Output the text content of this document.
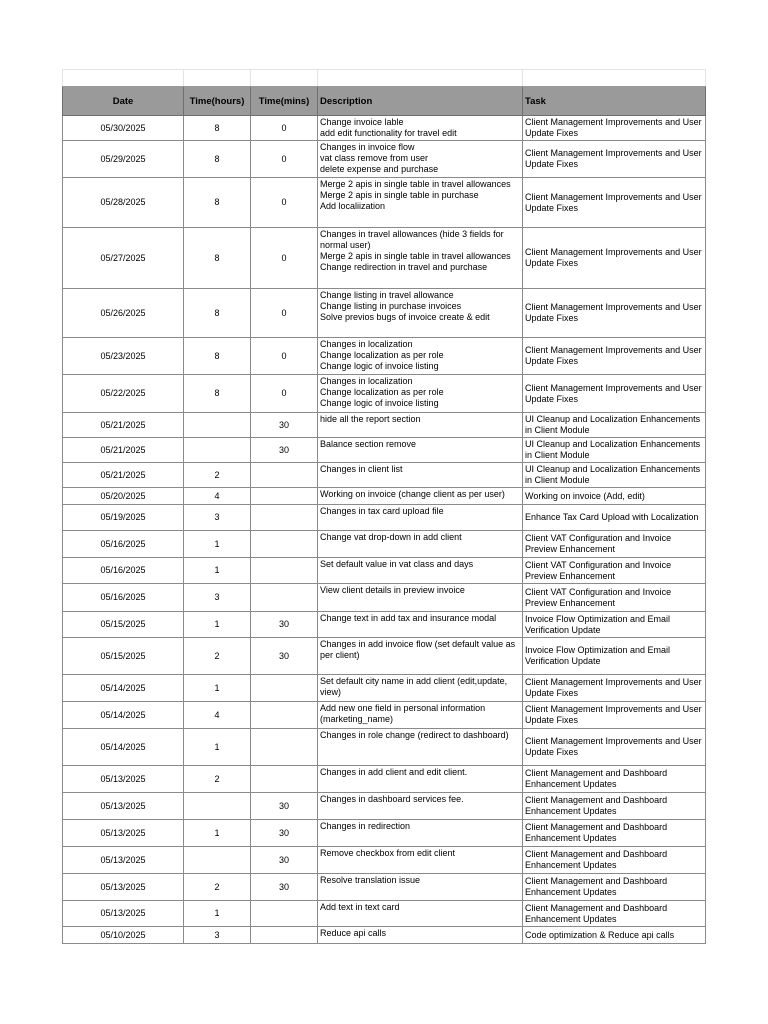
Date	Time(hours)	Time(mins)	Description	Task
05/30/2025	8	0	Change invoice lable
add edit functionality for travel edit	Client Management Improvements and User Update Fixes
05/29/2025	8	0	Changes in invoice flow
vat class remove from user
delete expense and purchase	Client Management Improvements and User Update Fixes
05/28/2025	8	0	Merge 2 apis in single table in travel allowances
Merge 2 apis in single table in purchase
Add localiization	Client Management Improvements and User Update Fixes
05/27/2025	8	0	Changes in travel allowances (hide 3 fields for normal user)
Merge 2 apis in single table in travel allowances
Change redirection in travel and purchase	Client Management Improvements and User Update Fixes
05/26/2025	8	0	Change listing in travel allowance
Change listing in purchase invoices
Solve previos bugs of invoice create & edit	Client Management Improvements and User Update Fixes
05/23/2025	8	0	Changes in localization
Change localization as per role
Change logic of invoice listing	Client Management Improvements and User Update Fixes
05/22/2025	8	0	Changes in localization
Change localization as per role
Change logic of invoice listing	Client Management Improvements and User Update Fixes
05/21/2025		30	hide all the report section	UI Cleanup and Localization Enhancements in Client Module
05/21/2025		30	Balance section remove	UI Cleanup and Localization Enhancements in Client Module
05/21/2025	2		Changes in client list	UI Cleanup and Localization Enhancements in Client Module
05/20/2025	4		Working on invoice (change client as per user)	Working on invoice (Add, edit)
05/19/2025	3		Changes in tax card upload file	Enhance Tax Card Upload with Localization
05/16/2025	1		Change vat drop-down in add client	Client VAT Configuration and Invoice Preview Enhancement
05/16/2025	1		Set default value in vat class and days	Client VAT Configuration and Invoice Preview Enhancement
05/16/2025	3		View client details in preview invoice	Client VAT Configuration and Invoice Preview Enhancement
05/15/2025	1	30	Change text in add tax and insurance modal	Invoice Flow Optimization and Email Verification Update
05/15/2025	2	30	Changes in add invoice flow (set default value as per client)	Invoice Flow Optimization and Email Verification Update
05/14/2025	1		Set default city name in add client (edit,update, view)	Client Management Improvements and User Update Fixes
05/14/2025	4		Add new one field in personal information (marketing_name)	Client Management Improvements and User Update Fixes
05/14/2025	1		Changes in role change (redirect to dashboard)	Client Management Improvements and User Update Fixes
05/13/2025	2		Changes in add client and edit client.	Client Management and Dashboard Enhancement Updates
05/13/2025		30	Changes in dashboard services fee.	Client Management and Dashboard Enhancement Updates
05/13/2025	1	30	Changes in redirection	Client Management and Dashboard Enhancement Updates
05/13/2025		30	Remove checkbox from edit client	Client Management and Dashboard Enhancement Updates
05/13/2025	2	30	Resolve translation issue	Client Management and Dashboard Enhancement Updates
05/13/2025	1		Add text in text card	Client Management and Dashboard Enhancement Updates
05/10/2025	3		Reduce api calls	Code optimization & Reduce api calls
